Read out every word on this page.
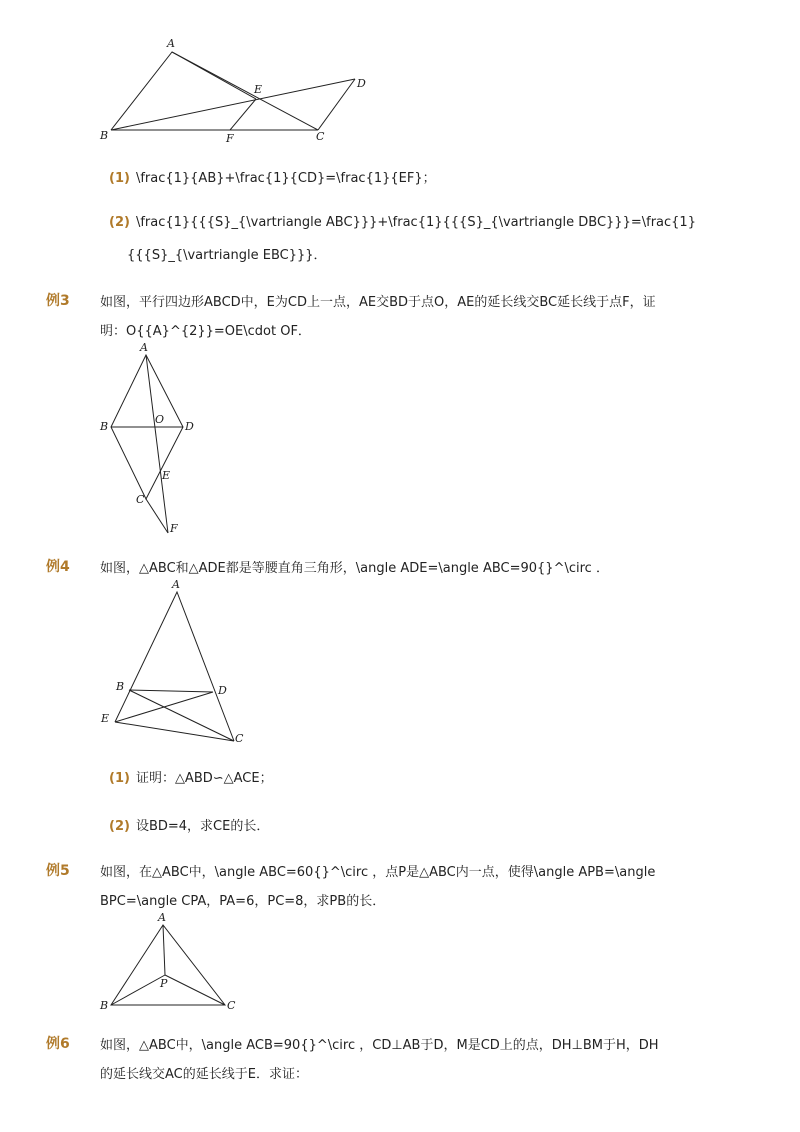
A
B	C
D
E
F
(1) \frac{1}{AB}+\frac{1}{CD}=\frac{1}{EF}；
(2) \frac{1}{{{S}_{\vartriangle ABC}}}+\frac{1}{{{S}_{\vartriangle DBC}}}=\frac{1}
{{{S}_{\vartriangle EBC}}}．
例3 如图，平行四边形ABCD中，E为CD上一点，AE交BD于点O，AE的延长线交BC延长线于点F，证
明：O{{A}^{2}}=OE\cdot OF．
A
B
O
D
E
C
F
例4 如图，△ABC和△ADE都是等腰直角三角形，\angle ADE=\angle ABC=90{}^\circ ．
A
B	D
E
C
(1) 证明：△ABD∽△ACE；
(2) 设BD=4，求CE的长．
例5 如图，在△ABC中，\angle ABC=60{}^\circ ，点P是△ABC内一点，使得\angle APB=\angle
BPC=\angle CPA，PA=6，PC=8，求PB的长．
A
P
B	C
例6 如图，△ABC中，\angle ACB=90{}^\circ ，CD⊥AB于D，M是CD上的点，DH⊥BM于H，DH
的延长线交AC的延长线于E．求证：
